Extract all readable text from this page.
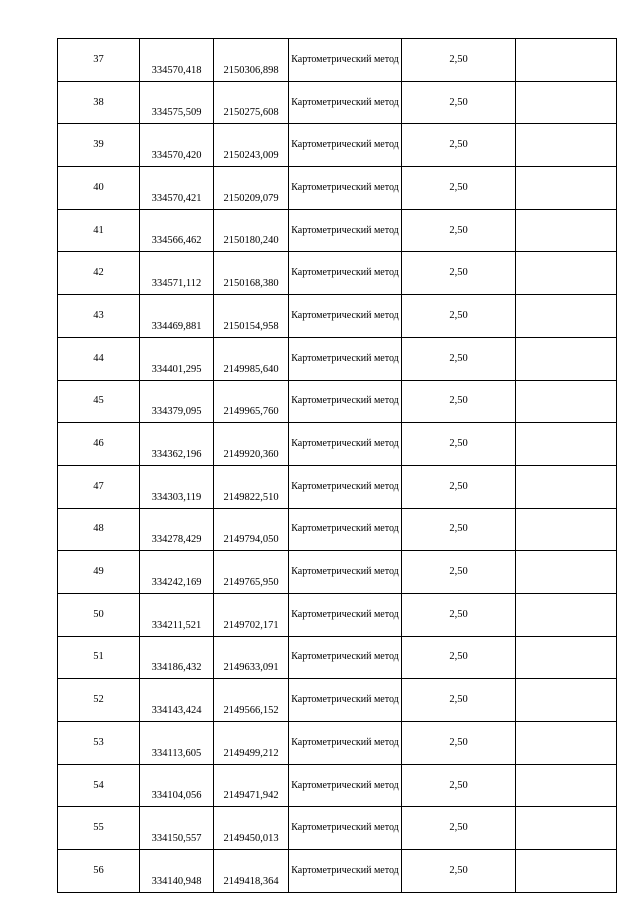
37	334570,418	2150306,898	Картометрический метод	2,50	
38	334575,509	2150275,608	Картометрический метод	2,50	
39	334570,420	2150243,009	Картометрический метод	2,50	
40	334570,421	2150209,079	Картометрический метод	2,50	
41	334566,462	2150180,240	Картометрический метод	2,50	
42	334571,112	2150168,380	Картометрический метод	2,50	
43	334469,881	2150154,958	Картометрический метод	2,50	
44	334401,295	2149985,640	Картометрический метод	2,50	
45	334379,095	2149965,760	Картометрический метод	2,50	
46	334362,196	2149920,360	Картометрический метод	2,50	
47	334303,119	2149822,510	Картометрический метод	2,50	
48	334278,429	2149794,050	Картометрический метод	2,50	
49	334242,169	2149765,950	Картометрический метод	2,50	
50	334211,521	2149702,171	Картометрический метод	2,50	
51	334186,432	2149633,091	Картометрический метод	2,50	
52	334143,424	2149566,152	Картометрический метод	2,50	
53	334113,605	2149499,212	Картометрический метод	2,50	
54	334104,056	2149471,942	Картометрический метод	2,50	
55	334150,557	2149450,013	Картометрический метод	2,50	
56	334140,948	2149418,364	Картометрический метод	2,50	
